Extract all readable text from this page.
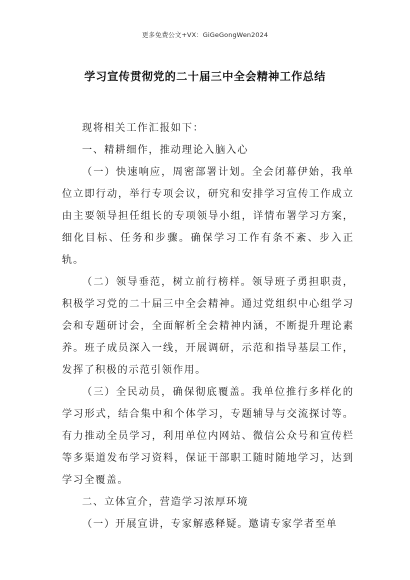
更多免费公文+VX：GiGeGongWen2024
学习宣传贯彻党的二十届三中全会精神工作总结

现将相关工作汇报如下：

一、精耕细作，推动理论入脑入心

（一）快速响应，周密部署计划。全会闭幕伊始，我单位立即行动，举行专项会议，研究和安排学习宣传工作成立由主要领导担任组长的专项领导小组，详情布署学习方案，细化目标、任务和步骤。确保学习工作有条不紊、步入正轨。

（二）领导垂范，树立前行榜样。领导班子勇担职责，积极学习党的二十届三中全会精神。通过党组织中心组学习会和专题研讨会，全面解析全会精神内涵，不断提升理论素养。班子成员深入一线，开展调研，示范和指导基层工作，发挥了积极的示范引领作用。

（三）全民动员，确保彻底覆盖。我单位推行多样化的学习形式，结合集中和个体学习，专题辅导与交流探讨等。有力推动全员学习，利用单位内网站、微信公众号和宣传栏等多渠道发布学习资料，保证干部职工随时随地学习，达到学习全覆盖。

二、立体宣介，营造学习浓厚环境

（一）开展宣讲，专家解惑释疑。邀请专家学者至单
